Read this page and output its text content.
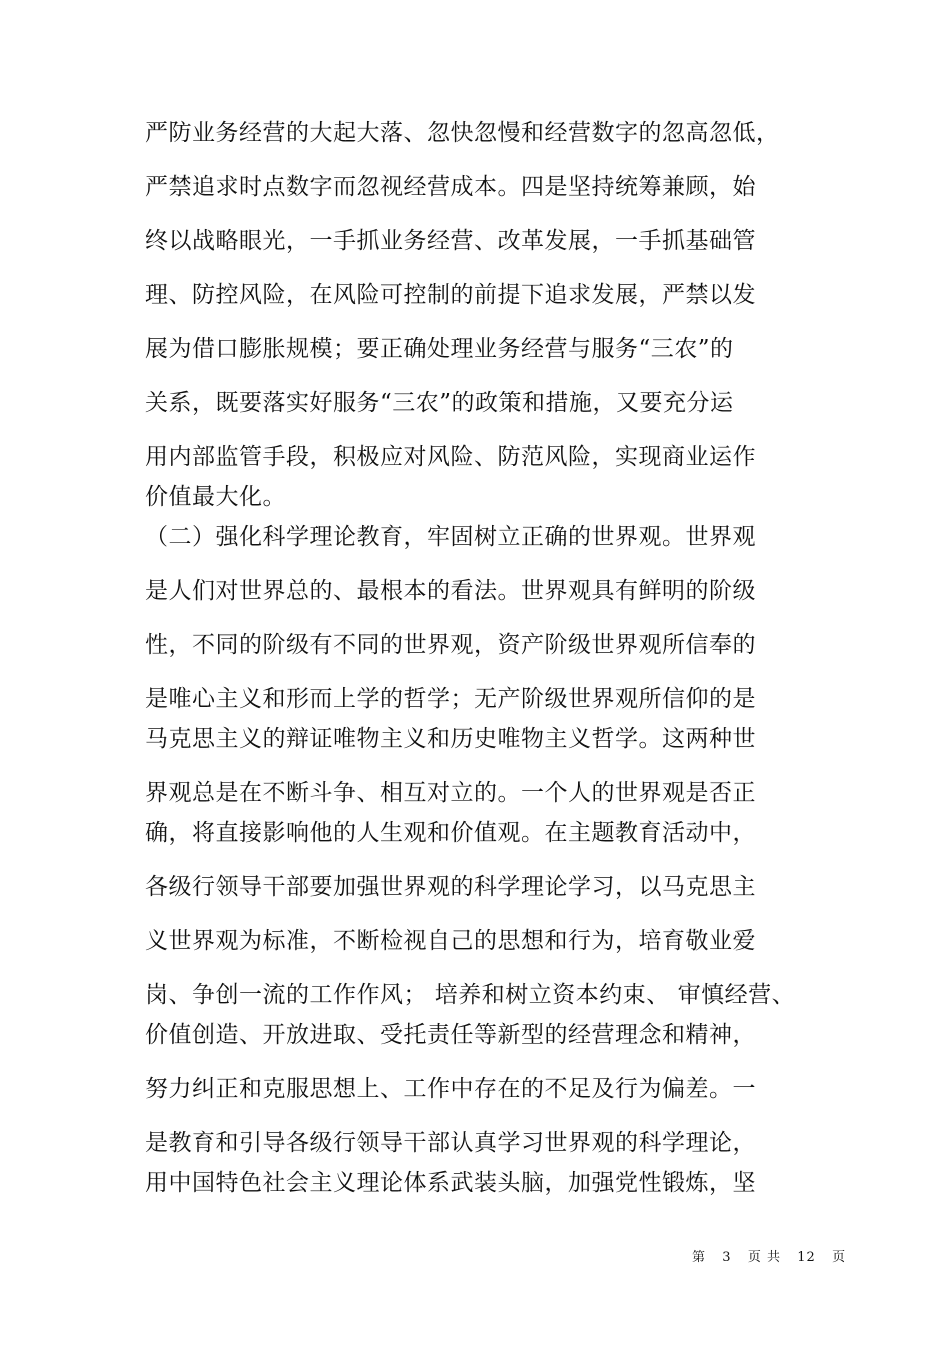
严防业务经营的大起大落、忽快忽慢和经营数字的忽高忽低，
严禁追求时点数字而忽视经营成本。四是坚持统筹兼顾，始
终以战略眼光，一手抓业务经营、改革发展，一手抓基础管
理、防控风险，在风险可控制的前提下追求发展，严禁以发
展为借口膨胀规模；要正确处理业务经营与服务“三农”的
关系，既要落实好服务“三农”的政策和措施，又要充分运
用内部监管手段，积极应对风险、防范风险，实现商业运作
价值最大化。
（二）强化科学理论教育，牢固树立正确的世界观。世界观
是人们对世界总的、最根本的看法。世界观具有鲜明的阶级
性，不同的阶级有不同的世界观，资产阶级世界观所信奉的
是唯心主义和形而上学的哲学；无产阶级世界观所信仰的是
马克思主义的辩证唯物主义和历史唯物主义哲学。这两种世
界观总是在不断斗争、相互对立的。一个人的世界观是否正
确，将直接影响他的人生观和价值观。在主题教育活动中，
各级行领导干部要加强世界观的科学理论学习，以马克思主
义世界观为标准，不断检视自己的思想和行为，培育敬业爱
岗、争创一流的工作作风； 培养和树立资本约束、 审慎经营、
价值创造、开放进取、受托责任等新型的经营理念和精神，
努力纠正和克服思想上、工作中存在的不足及行为偏差。一
是教育和引导各级行领导干部认真学习世界观的科学理论，
用中国特色社会主义理论体系武装头脑，加强党性锻炼，坚
第 3 页 共 12 页
